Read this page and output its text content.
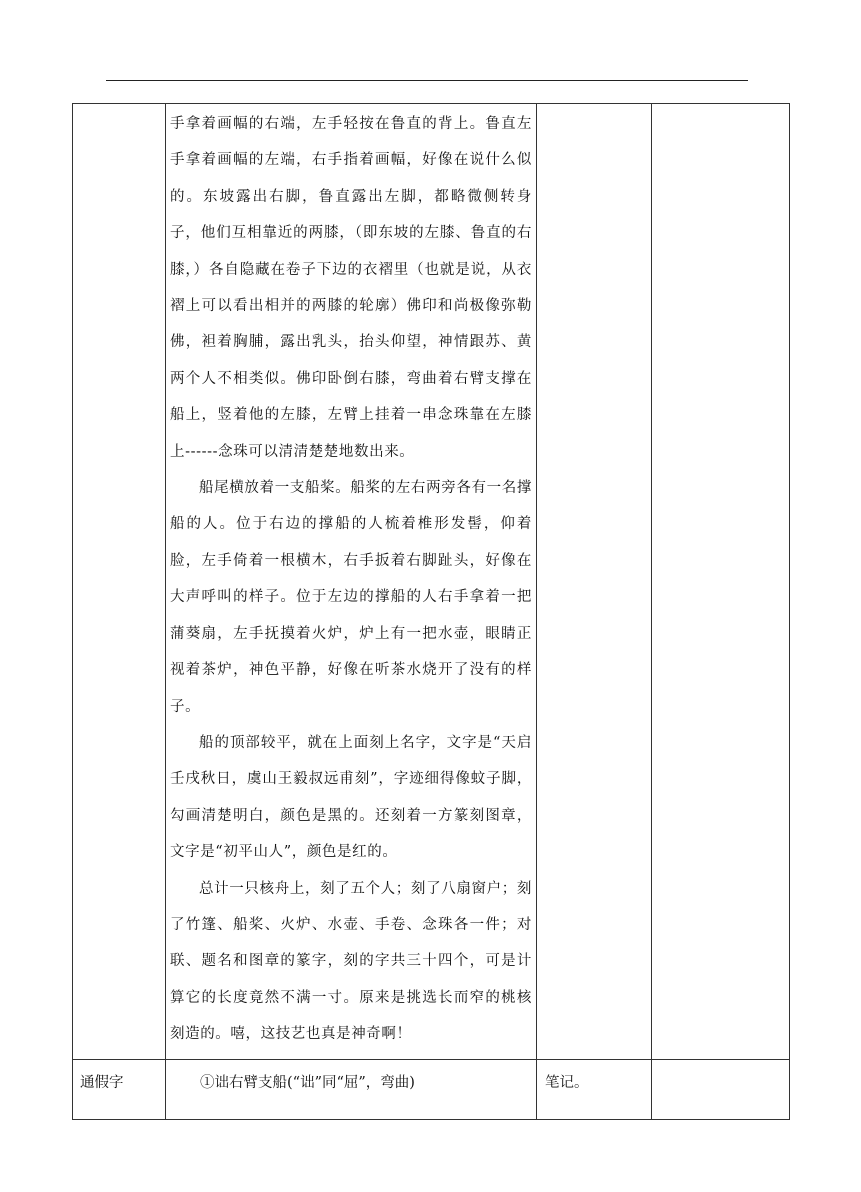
	手拿着画幅的右端，左手轻按在鲁直的背上。鲁直左手拿着画幅的左端，右手指着画幅，好像在说什么似的。东坡露出右脚，鲁直露出左脚，都略微侧转身子，他们互相靠近的两膝，（即东坡的左膝、鲁直的右膝，）各自隐藏在卷子下边的衣褶里（也就是说，从衣褶上可以看出相并的两膝的轮廓）佛印和尚极像弥勒佛，袒着胸脯，露出乳头，抬头仰望，神情跟苏、黄两个人不相类似。佛印卧倒右膝，弯曲着右臂支撑在船上，竖着他的左膝，左臂上挂着一串念珠靠在左膝上------念珠可以清清楚楚地数出来。

船尾横放着一支船桨。船桨的左右两旁各有一名撑船的人。位于右边的撑船的人梳着椎形发髻，仰着脸，左手倚着一根横木，右手扳着右脚趾头，好像在大声呼叫的样子。位于左边的撑船的人右手拿着一把蒲葵扇，左手抚摸着火炉，炉上有一把水壶，眼睛正视着茶炉，神色平静，好像在听茶水烧开了没有的样子。

船的顶部较平，就在上面刻上名字，文字是“天启壬戌秋日，虞山王毅叔远甫刻”，字迹细得像蚊子脚，勾画清楚明白，颜色是黑的。还刻着一方篆刻图章，文字是“初平山人”，颜色是红的。

总计一只核舟上，刻了五个人；刻了八扇窗户；刻了竹篷、船桨、火炉、水壶、手卷、念珠各一件；对联、题名和图章的篆字，刻的字共三十四个，可是计算它的长度竟然不满一寸。原来是挑选长而窄的桃核刻造的。嘻，这技艺也真是神奇啊！		

通假字	①诎右臂支船(“诎”同“屈”，弯曲)	笔记。	
